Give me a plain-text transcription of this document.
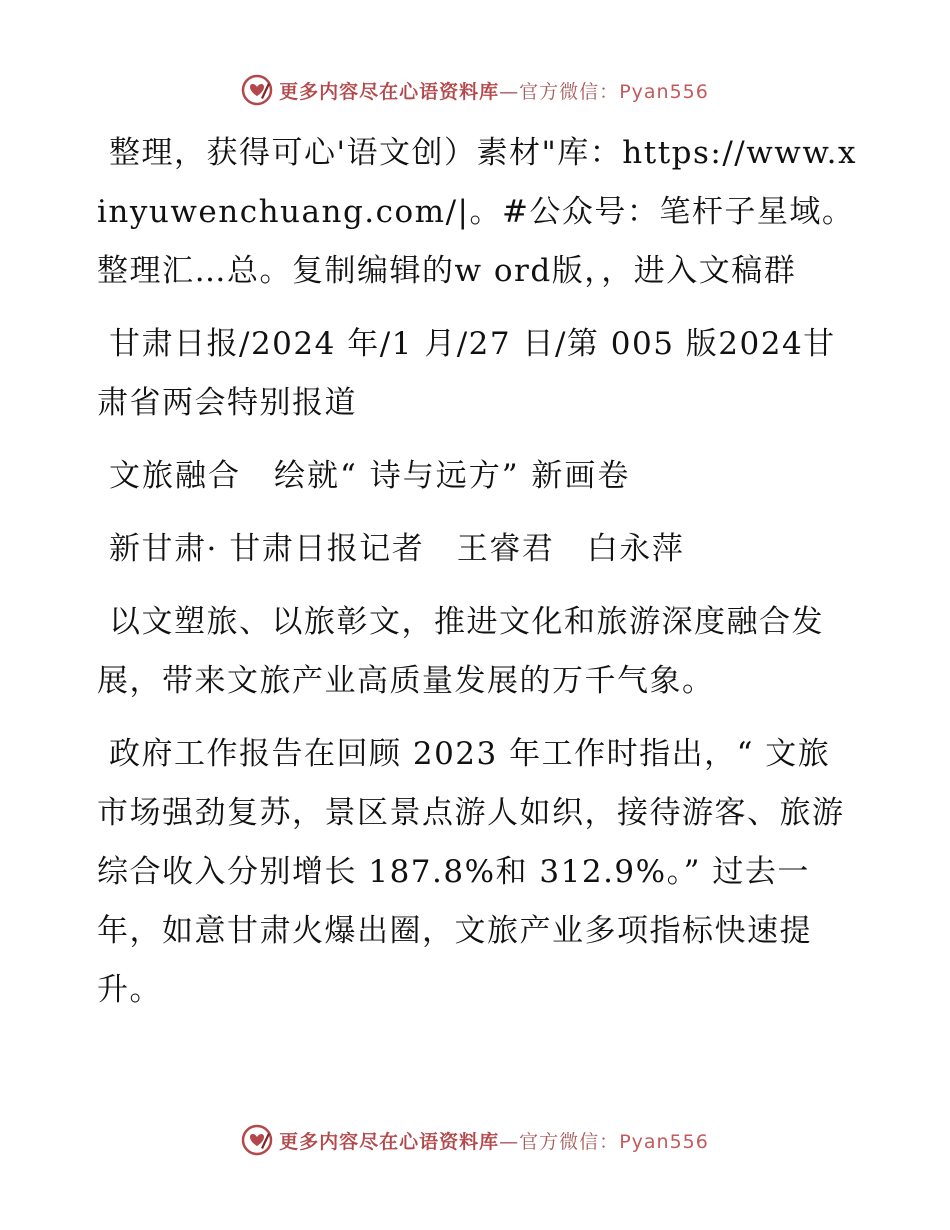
更多内容尽在心语资料库—官方微信：Pyan556

整理，获得可心'语文创）素材"库：https://www.xinyuwenchuang.com/|。#公众号：笔杆子星域。整理汇…总。复制编辑的w ord版，，进入文稿群

甘肃日报/2024 年/1 月/27 日/第 005 版2024甘肃省两会特别报道

文旅融合　绘就“ 诗与远方” 新画卷

新甘肃· 甘肃日报记者　王睿君　白永萍

以文塑旅、以旅彰文，推进文化和旅游深度融合发展，带来文旅产业高质量发展的万千气象。

政府工作报告在回顾 2023 年工作时指出，“ 文旅市场强劲复苏，景区景点游人如织，接待游客、旅游综合收入分别增长 187.8%和 312.9%。” 过去一年，如意甘肃火爆出圈，文旅产业多项指标快速提升。

更多内容尽在心语资料库—官方微信：Pyan556
